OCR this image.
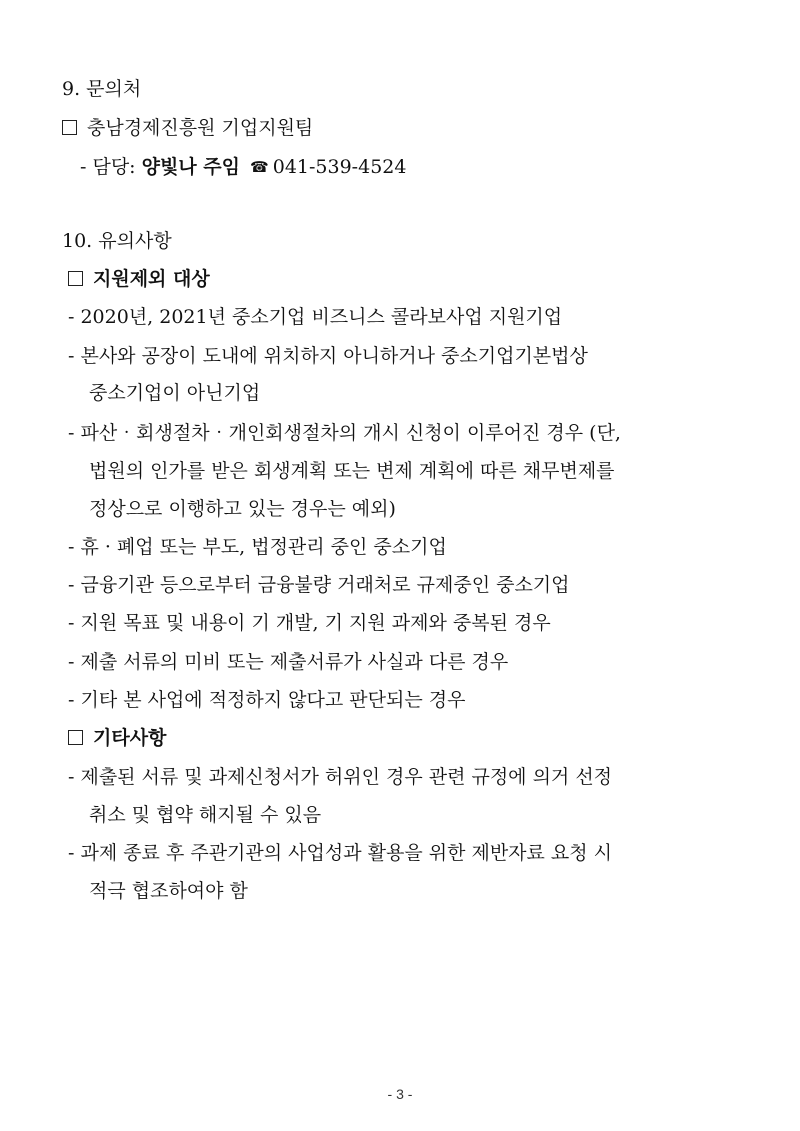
9. 문의처
충남경제진흥원 기업지원팀
- 담당: 양빛나 주임 ☎ 041-539-4524
10. 유의사항
지원제외 대상
- 2020년, 2021년 중소기업 비즈니스 콜라보사업 지원기업
- 본사와 공장이 도내에 위치하지 아니하거나 중소기업기본법상
중소기업이 아닌기업
- 파산‧회생절차‧개인회생절차의 개시 신청이 이루어진 경우 (단,
법원의 인가를 받은 회생계획 또는 변제 계획에 따른 채무변제를
정상으로 이행하고 있는 경우는 예외)
- 휴 · 폐업 또는 부도, 법정관리 중인 중소기업
- 금융기관 등으로부터 금융불량 거래처로 규제중인 중소기업
- 지원 목표 및 내용이 기 개발, 기 지원 과제와 중복된 경우
- 제출 서류의 미비 또는 제출서류가 사실과 다른 경우
- 기타 본 사업에 적정하지 않다고 판단되는 경우
기타사항
- 제출된 서류 및 과제신청서가 허위인 경우 관련 규정에 의거 선정
취소 및 협약 해지될 수 있음
- 과제 종료 후 주관기관의 사업성과 활용을 위한 제반자료 요청 시
적극 협조하여야 함
- 3 -
